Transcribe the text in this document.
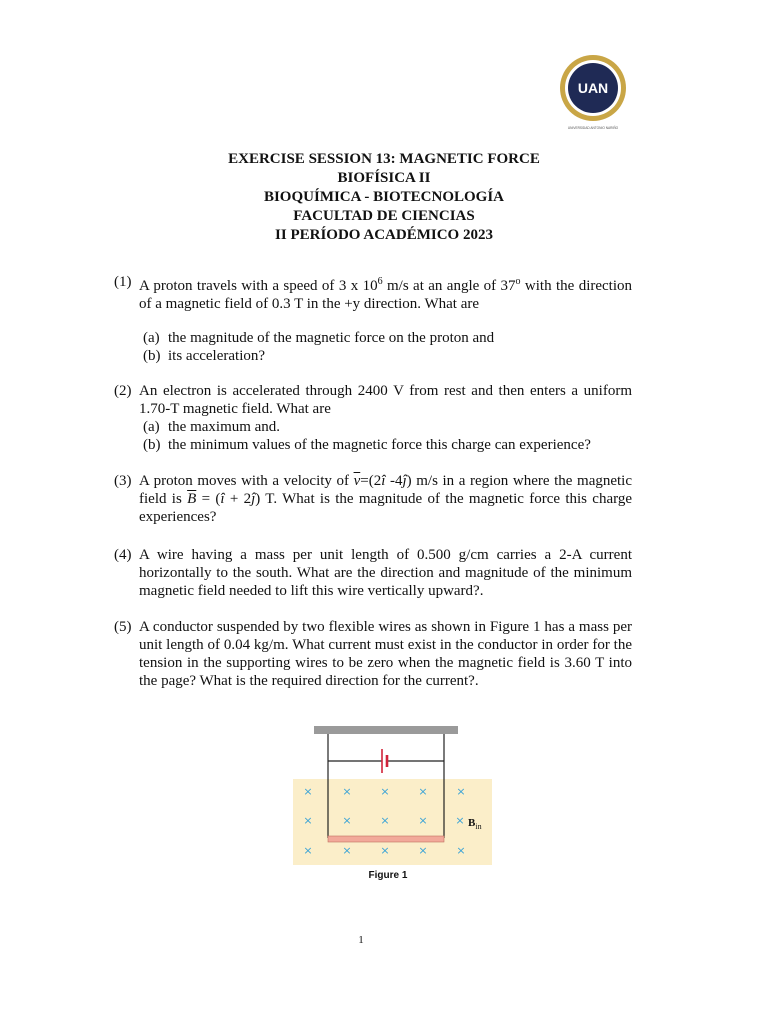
UAN
UNIVERSIDAD ANTONIO NARIÑO
EXERCISE SESSION 13: MAGNETIC FORCE
BIOFÍSICA II
BIOQUÍMICA - BIOTECNOLOGÍA
FACULTAD DE CIENCIAS
II PERÍODO ACADÉMICO 2023
(1) A proton travels with a speed of 3 x $10^6$ m/s at an angle of 37$^o$ with the direction of a magnetic field of 0.3 T in the +y direction. What are

(a) the magnitude of the magnetic force on the proton and
(b) its acceleration?
(2) An electron is accelerated through 2400 V from rest and then enters a uniform 1.70-T magnetic field. What are

(a) the maximum and.
(b) the minimum values of the magnetic force this charge can experience?
(3) A proton moves with a velocity of $\overline{v}=(2î$ -4ĵ) m/s in a region where the magnetic field is $\overline{B}$ = (î + 2ĵ) T. What is the magnitude of the magnetic force this charge experiences?

(4) A wire having a mass per unit length of 0.500 g/cm carries a 2-A current horizontally to the south. What are the direction and magnitude of the minimum magnetic field needed to lift this wire vertically upward?.

(5) A conductor suspended by two flexible wires as shown in Figure 1 has a mass per unit length of 0.04 kg/m. What current must exist in the conductor in order for the tension in the supporting wires to be zero when the magnetic field is 3.60 T into the page? What is the required direction for the current?.

×	×	×	×	×
×	×	×	×	×
×	×	×	×	×
$B_{in}$
Figure 1
1
